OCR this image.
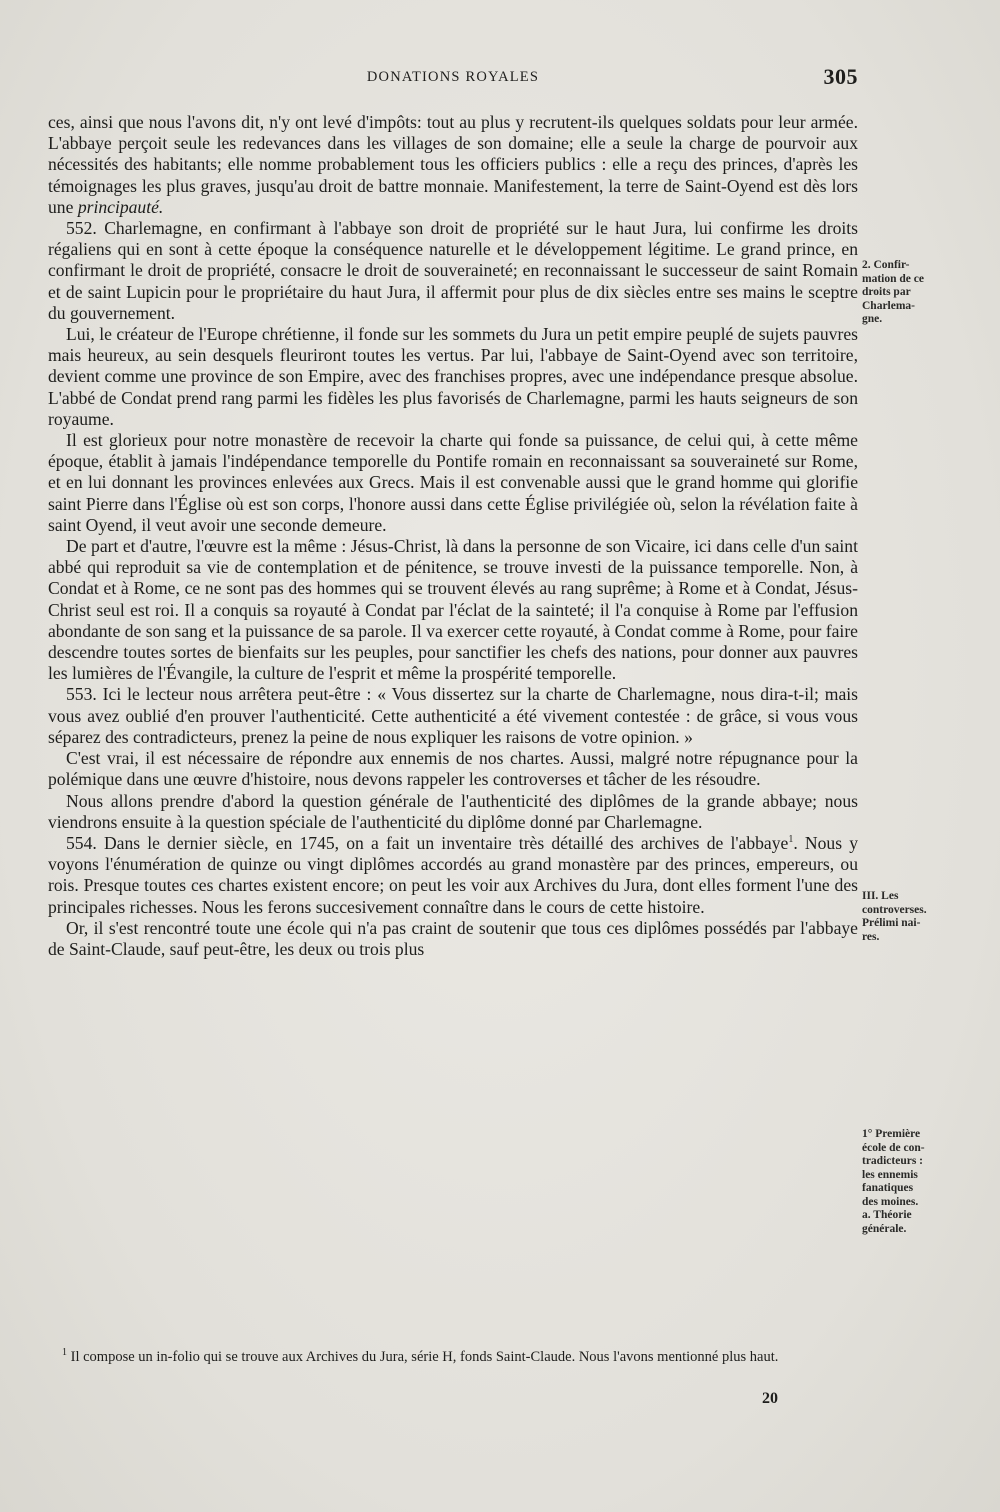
DONATIONS ROYALES	305

ces, ainsi que nous l'avons dit, n'y ont levé d'impôts: tout au plus y recrutent-ils quelques soldats pour leur armée. L'abbaye perçoit seule les redevances dans les villages de son domaine; elle a seule la charge de pourvoir aux nécessités des habitants; elle nomme probablement tous les officiers publics : elle a reçu des princes, d'après les témoignages les plus graves, jusqu'au droit de battre monnaie. Manifestement, la terre de Saint-Oyend est dès lors une principauté.

552. Charlemagne, en confirmant à l'abbaye son droit de propriété sur le haut Jura, lui confirme les droits régaliens qui en sont à cette époque la conséquence naturelle et le développement légitime. Le grand prince, en confirmant le droit de propriété, consacre le droit de souveraineté; en reconnaissant le successeur de saint Romain et de saint Lupicin pour le propriétaire du haut Jura, il affermit pour plus de dix siècles entre ses mains le sceptre du gouvernement.

Lui, le créateur de l'Europe chrétienne, il fonde sur les sommets du Jura un petit empire peuplé de sujets pauvres mais heureux, au sein desquels fleuriront toutes les vertus. Par lui, l'abbaye de Saint-Oyend avec son territoire, devient comme une province de son Empire, avec des franchises propres, avec une indépendance presque absolue. L'abbé de Condat prend rang parmi les fidèles les plus favorisés de Charlemagne, parmi les hauts seigneurs de son royaume.

Il est glorieux pour notre monastère de recevoir la charte qui fonde sa puissance, de celui qui, à cette même époque, établit à jamais l'indépendance temporelle du Pontife romain en reconnaissant sa souveraineté sur Rome, et en lui donnant les provinces enlevées aux Grecs. Mais il est convenable aussi que le grand homme qui glorifie saint Pierre dans l'Église où est son corps, l'honore aussi dans cette Église privilégiée où, selon la révélation faite à saint Oyend, il veut avoir une seconde demeure.

De part et d'autre, l'œuvre est la même : Jésus-Christ, là dans la personne de son Vicaire, ici dans celle d'un saint abbé qui reproduit sa vie de contemplation et de pénitence, se trouve investi de la puissance temporelle. Non, à Condat et à Rome, ce ne sont pas des hommes qui se trouvent élevés au rang suprême; à Rome et à Condat, Jésus-Christ seul est roi. Il a conquis sa royauté à Condat par l'éclat de la sainteté; il l'a conquise à Rome par l'effusion abondante de son sang et la puissance de sa parole. Il va exercer cette royauté, à Condat comme à Rome, pour faire descendre toutes sortes de bienfaits sur les peuples, pour sanctifier les chefs des nations, pour donner aux pauvres les lumières de l'Évangile, la culture de l'esprit et même la prospérité temporelle.

553. Ici le lecteur nous arrêtera peut-être : « Vous dissertez sur la charte de Charlemagne, nous dira-t-il; mais vous avez oublié d'en prouver l'authenticité. Cette authenticité a été vivement contestée : de grâce, si vous vous séparez des contradicteurs, prenez la peine de nous expliquer les raisons de votre opinion. »

C'est vrai, il est nécessaire de répondre aux ennemis de nos chartes. Aussi, malgré notre répugnance pour la polémique dans une œuvre d'histoire, nous devons rappeler les controverses et tâcher de les résoudre.

Nous allons prendre d'abord la question générale de l'authenticité des diplômes de la grande abbaye; nous viendrons ensuite à la question spéciale de l'authenticité du diplôme donné par Charlemagne.

554. Dans le dernier siècle, en 1745, on a fait un inventaire très détaillé des archives de l'abbaye$^1$. Nous y voyons l'énumération de quinze ou vingt diplômes accordés au grand monastère par des princes, empereurs, ou rois. Presque toutes ces chartes existent encore; on peut les voir aux Archives du Jura, dont elles forment l'une des principales richesses. Nous les ferons succesivement connaître dans le cours de cette histoire.

Or, il s'est rencontré toute une école qui n'a pas craint de soutenir que tous ces diplômes possédés par l'abbaye de Saint-Claude, sauf peut-être, les deux ou trois plus

2. Confir-
mation de ce
droits par
Charlema-
gne.
III. Les
controverses.
Prélimi nai-
res.
1° Première
école de con-
tradicteurs :
les ennemis
fanatiques
des moines.
a. Théorie
générale.
$^1$ Il compose un in-folio qui se trouve aux Archives du Jura, série H, fonds Saint-Claude. Nous l'avons mentionné plus haut.
20
